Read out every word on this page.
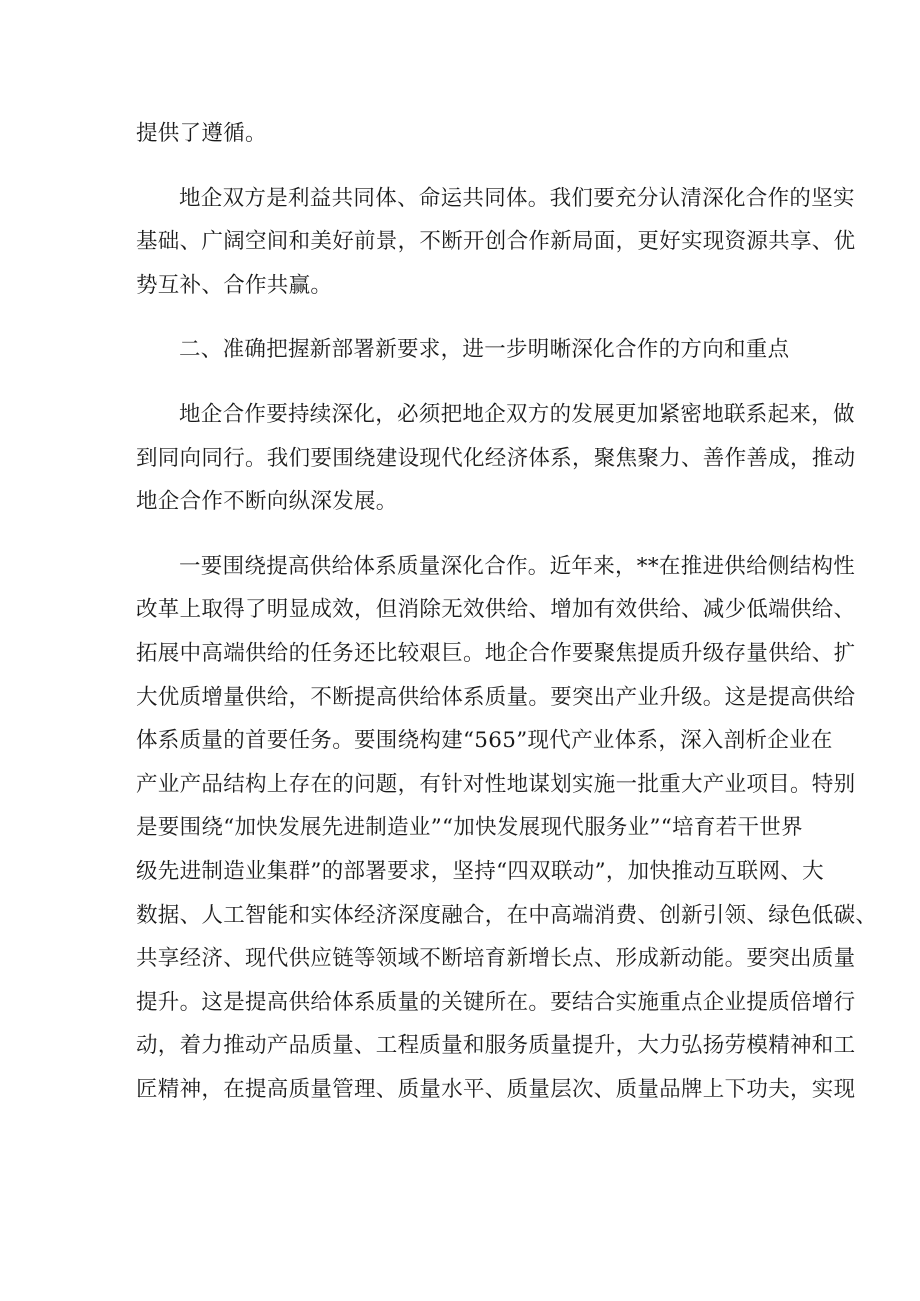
提供了遵循。
地企双方是利益共同体、命运共同体。我们要充分认清深化合作的坚实
基础、广阔空间和美好前景，不断开创合作新局面，更好实现资源共享、优
势互补、合作共赢。
二、准确把握新部署新要求，进一步明晰深化合作的方向和重点
地企合作要持续深化，必须把地企双方的发展更加紧密地联系起来，做
到同向同行。我们要围绕建设现代化经济体系，聚焦聚力、善作善成，推动
地企合作不断向纵深发展。
一要围绕提高供给体系质量深化合作。近年来，**在推进供给侧结构性
改革上取得了明显成效，但消除无效供给、增加有效供给、减少低端供给、
拓展中高端供给的任务还比较艰巨。地企合作要聚焦提质升级存量供给、扩
大优质增量供给，不断提高供给体系质量。要突出产业升级。这是提高供给
体系质量的首要任务。要围绕构建“565”现代产业体系，深入剖析企业在
产业产品结构上存在的问题，有针对性地谋划实施一批重大产业项目。特别
是要围绕“加快发展先进制造业”“加快发展现代服务业”“培育若干世界
级先进制造业集群”的部署要求，坚持“四双联动”，加快推动互联网、大
数据、人工智能和实体经济深度融合，在中高端消费、创新引领、绿色低碳、
共享经济、现代供应链等领域不断培育新增长点、形成新动能。要突出质量
提升。这是提高供给体系质量的关键所在。要结合实施重点企业提质倍增行
动，着力推动产品质量、工程质量和服务质量提升，大力弘扬劳模精神和工
匠精神，在提高质量管理、质量水平、质量层次、质量品牌上下功夫，实现
